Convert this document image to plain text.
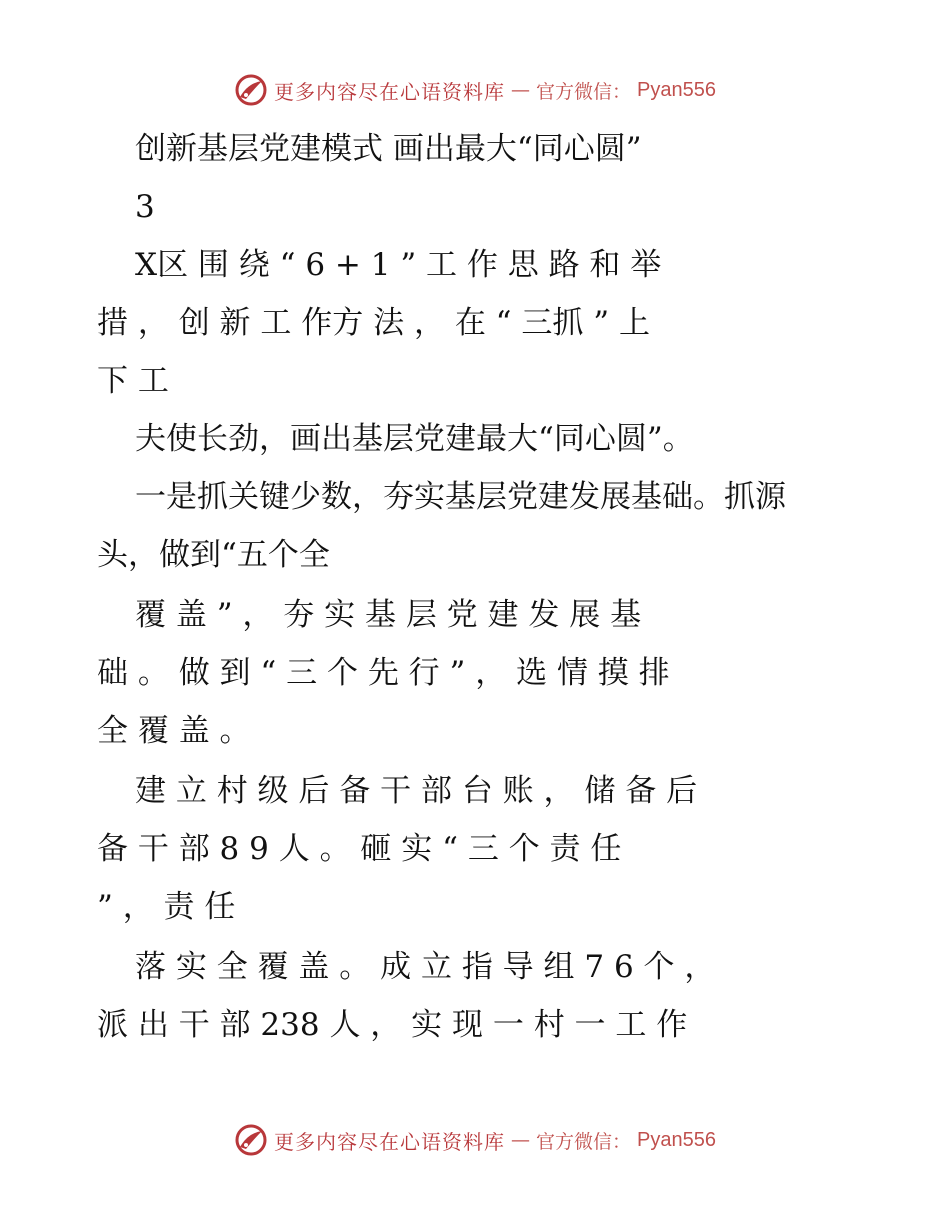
更多内容尽在心语资料库 — 官方微信： Pyan556
创新基层党建模式 画出最大“同心圆”
3
X区 围 绕 “ 6 + 1 ” 工 作 思 路 和 举
措 ， 创 新 工 作方 法 ， 在 “ 三抓 ” 上
下 工
夫使长劲，画出基层党建最大“同心圆”。
一是抓关键少数，夯实基层党建发展基础。抓源
头，做到“五个全
覆 盖 ” ， 夯 实 基 层 党 建 发 展 基
础 。 做 到 “ 三 个 先 行 ” ， 选 情 摸 排
全 覆 盖 。
建 立 村 级 后 备 干 部 台 账 ， 储 备 后
备 干 部 8 9 人 。 砸 实 “ 三 个 责 任
” ， 责 任
落 实 全 覆 盖 。 成 立 指 导 组 7 6 个 ，
派 出 干 部 238 人 ， 实 现 一 村 一 工 作
更多内容尽在心语资料库 — 官方微信： Pyan556
